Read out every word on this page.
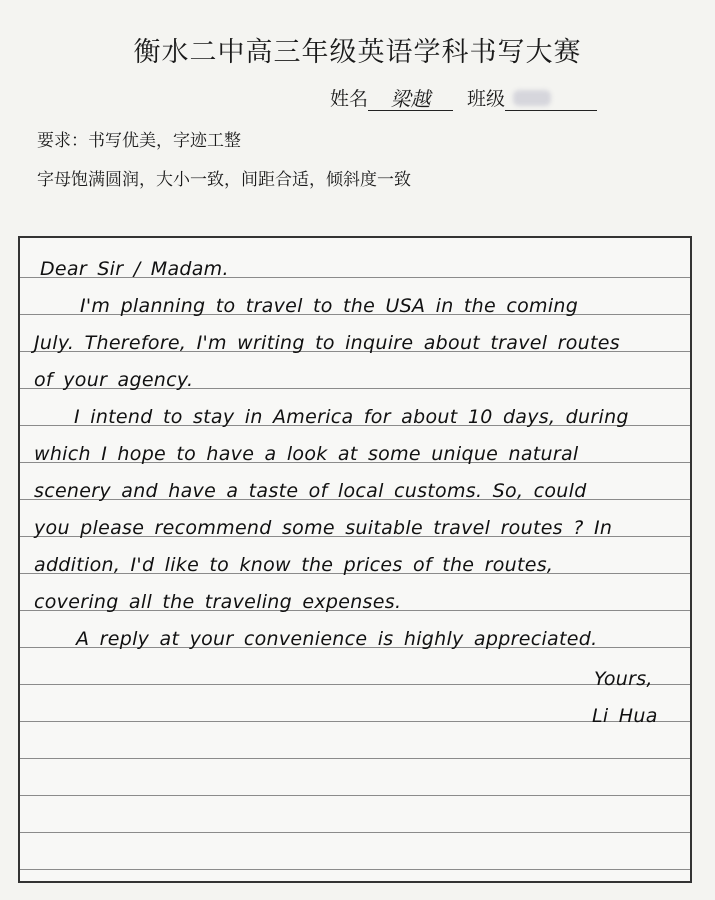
衡水二中高三年级英语学科书写大赛
姓名	梁越	班级
要求：书写优美，字迹工整
字母饱满圆润，大小一致，间距合适，倾斜度一致
Dear Sir / Madam.
I'm planning to travel to the USA in the coming
July. Therefore, I'm writing to inquire about travel routes
of your agency.
I intend to stay in America for about 10 days, during
which I hope to have a look at some unique natural
scenery and have a taste of local customs. So, could
you please recommend some suitable travel routes ? In
addition, I'd like to know the prices of the routes,
covering all the traveling expenses.
A reply at your convenience is highly appreciated.
Yours,
Li Hua
